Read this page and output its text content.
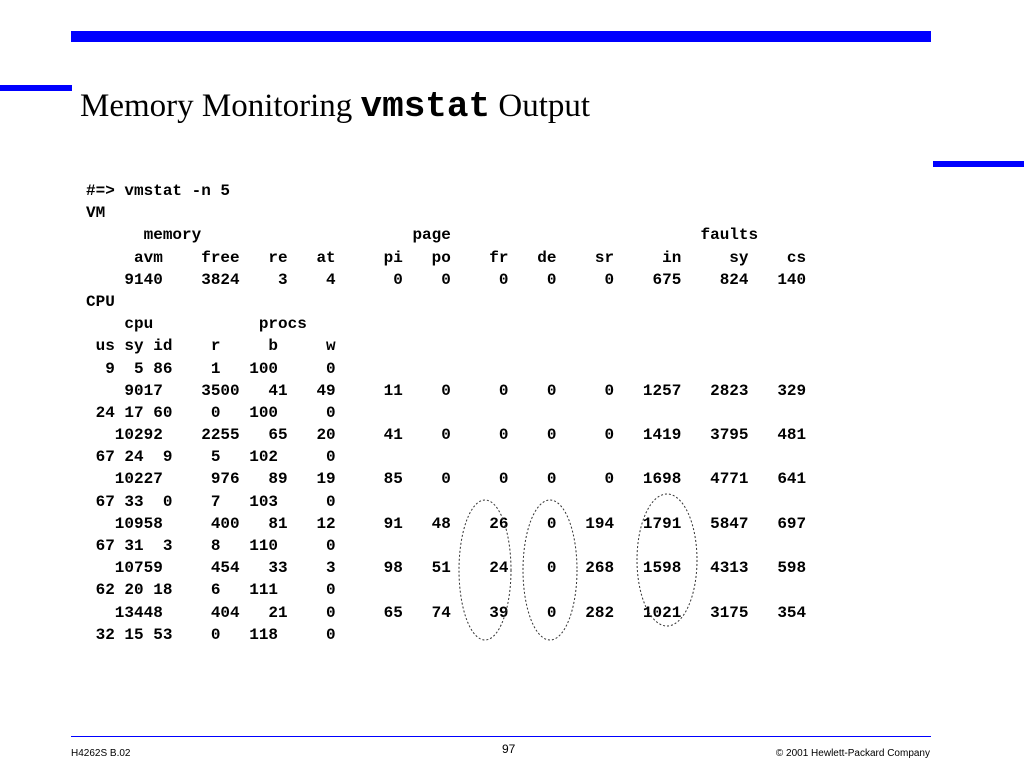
Memory Monitoring vmstat Output
#=> vmstat -n 5
VM
memory                      page                          faults
avm    free   re   at     pi   po    fr   de    sr     in     sy    cs
9140    3824    3    4      0    0     0    0     0    675    824   140
CPU
cpu           procs
us sy id    r     b     w
9  5 86    1   100     0
9017    3500   41   49     11    0     0    0     0   1257   2823   329
24 17 60    0   100     0
10292    2255   65   20     41    0     0    0     0   1419   3795   481
67 24  9    5   102     0
10227     976   89   19     85    0     0    0     0   1698   4771   641
67 33  0    7   103     0
10958     400   81   12     91   48    26    0   194   1791   5847   697
67 31  3    8   110     0
10759     454   33    3     98   51    24    0   268   1598   4313   598
62 20 18    6   111     0
13448     404   21    0     65   74    39    0   282   1021   3175   354
32 15 53    0   118     0
H4262S B.02	97	© 2001 Hewlett-Packard Company
